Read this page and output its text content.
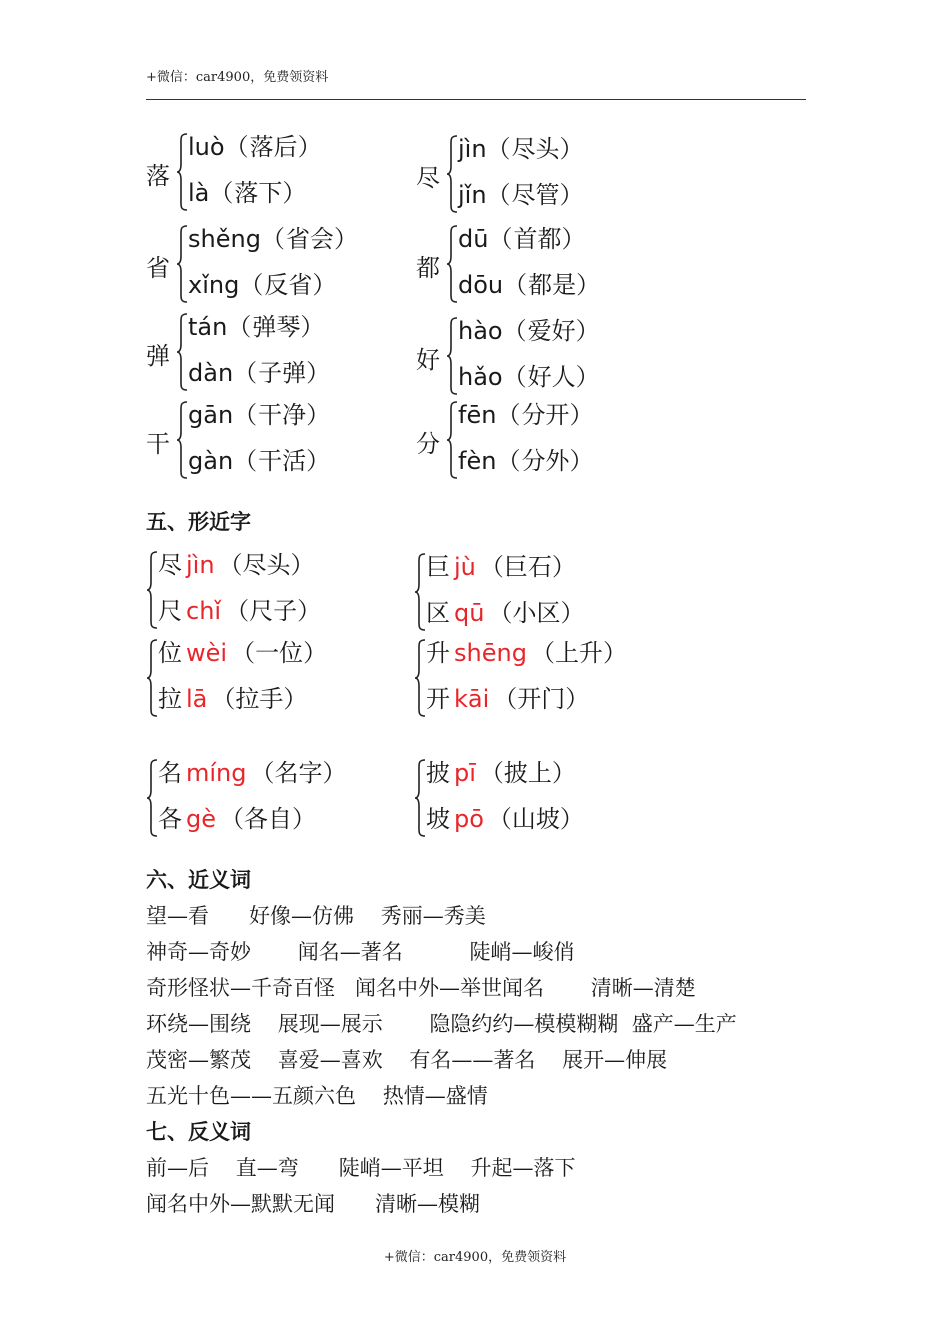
+微信：car4900，免费领资料
落
luò（落后）
là（落下）
尽
jìn（尽头）
jǐn（尽管）
省
shěng（省会）
xǐng（反省）
都
dū（首都）
dōu（都是）
弹
tán（弹琴）
dàn（子弹）	好
hào（爱好）
hǎo（好人）
干
gān（干净）
gàn（干活）
分
fēn（分开）
fèn（分外）
五、形近字
尽 jìn （尽头）
尺 chǐ （尺子）
巨 jù （巨石）
区 qū （小区）
位 wèi （一位）
拉 lā （拉手）
升 shēng （上升）
开 kāi （开门）
名 míng （名字）
各 gè （各自）
披 pī （披上）
坡 pō （山坡）
六、近义词
望—看      好像—仿佛    秀丽—秀美
神奇—奇妙       闻名—著名          陡峭—峻俏
奇形怪状—千奇百怪   闻名中外—举世闻名       清晰—清楚
环绕—围绕    展现—展示       隐隐约约—模模糊糊  盛产—生产
茂密—繁茂    喜爱—喜欢    有名——著名    展开—伸展
五光十色——五颜六色    热情—盛情
七、反义词
前—后    直—弯      陡峭—平坦    升起—落下
闻名中外—默默无闻      清晰—模糊
+微信：car4900，免费领资料
